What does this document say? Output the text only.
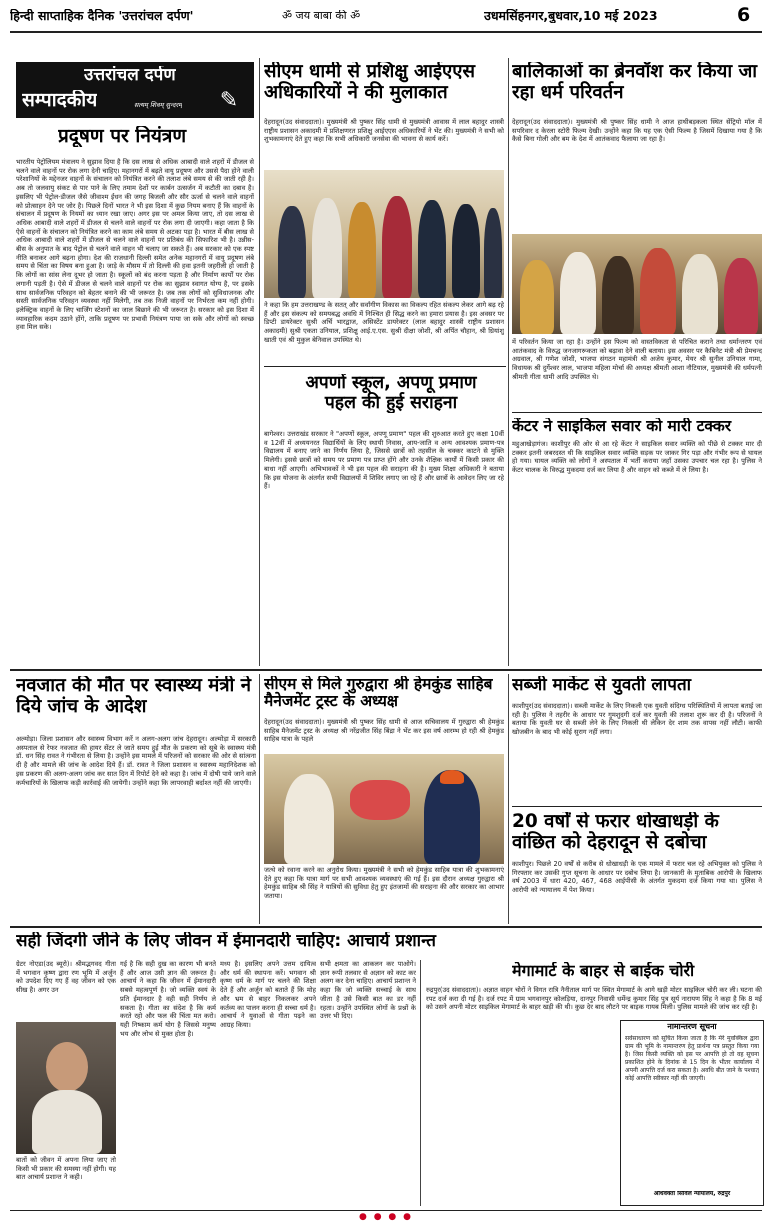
हिन्दी साप्ताहिक दैनिक 'उत्तरांचल दर्पण'	ॐ जय बाबा की ॐ	उधमसिंहनगर,बुधवार,10 मई 2023	6
उत्तरांचल दर्पण
सम्पादकीय	सत्यम् शिवम् सुन्दरम्	✎
प्रदूषण पर नियंत्रण
भारतीय पेट्रोलियम मंत्रालय ने सुझाव दिया है कि दस लाख से अधिक आबादी वाले शहरों में डीजल से चलने वाले वाहनों पर रोक लगा देनी चाहिए। महानगरों में बढ़ते वायु प्रदूषण और उससे पैदा होने वाली परेशानियों के मद्देनजर वाहनों के संचालन को नियंत्रित करने की तलाश लंबे समय से की जाती रही है। अब तो जलवायु संकट से पार पाने के लिए तमाम देशों पर कार्बन उत्सर्जन में कटौती का दबाव है। इसलिए भी पेट्रोल-डीजल जैसे जीवाश्म ईंधन की जगह बिजली और सौर ऊर्जा से चलने वाले वाहनों को प्रोत्साहन देने पर जोर है। पिछले दिनों भारत ने भी इस दिशा में कुछ नियम बनाए हैं कि वाहनों के संचालन में प्रदूषण के नियमों का ध्यान रखा जाए। अगर इस पर अमल किया जाए, तो दस लाख से अधिक आबादी वाले शहरों में डीजल से चलने वाले वाहनों पर रोक लगा दी जाएगी। कहा जाता है कि ऐसे वाहनों के संचालन को नियंत्रित करने का काम लंबे समय से अटका पड़ा है। भारत में बीस लाख से अधिक आबादी वाले शहरों में डीजल से चलने वाले वाहनों पर प्रतिबंध की सिफारिश भी है। उन्नीस-बीस के अनुपात के बाद पेट्रोल से चलने वाले वाहन भी चलाए जा सकते हैं। अब सरकार को एक स्पष्ट नीति बनाकर आगे बढ़ना होगा। देश की राजधानी दिल्ली समेत अनेक महानगरों में वायु प्रदूषण लंबे समय से चिंता का विषय बना हुआ है। जाड़े के मौसम में तो दिल्ली की हवा इतनी जहरीली हो जाती है कि लोगों का सांस लेना दूभर हो जाता है। स्कूलों को बंद करना पड़ता है और निर्माण कार्यों पर रोक लगानी पड़ती है। ऐसे में डीजल से चलने वाले वाहनों पर रोक का सुझाव स्वागत योग्य है, पर इसके साथ सार्वजनिक परिवहन को बेहतर बनाने की भी जरूरत है। जब तक लोगों को सुविधाजनक और सस्ती सार्वजनिक परिवहन व्यवस्था नहीं मिलेगी, तब तक निजी वाहनों पर निर्भरता कम नहीं होगी। इलेक्ट्रिक वाहनों के लिए चार्जिंग स्टेशनों का जाल बिछाने की भी जरूरत है। सरकार को इस दिशा में व्यावहारिक कदम उठाने होंगे, ताकि प्रदूषण पर प्रभावी नियंत्रण पाया जा सके और लोगों को स्वच्छ हवा मिल सके।
सीएम धामी से प्रशिक्षु आईएएस अधिकारियों ने की मुलाकात
देहरादून(उद संवाददाता)। मुख्यमंत्री श्री पुष्कर सिंह धामी से मुख्यमंत्री आवास में लाल बहादुर शास्त्री राष्ट्रीय प्रशासन अकादमी में प्रशिक्षणरत प्रशिक्षु आईएएस अधिकारियों ने भेंट की। मुख्यमंत्री ने सभी को शुभकामनाएं देते हुए कहा कि सभी अधिकारी जनसेवा की भावना से कार्य करें।
ने कहा कि हम उत्तराखण्ड के सतत् और सर्वांगीण विकास का विकल्प रहित संकल्प लेकर आगे बढ़ रहे हैं और इस संकल्प को समयबद्ध अवधि में निश्चित ही सिद्ध करने का हमारा प्रयास है। इस अवसर पर डिप्टी डायरेक्टर सुश्री अर्चि भारद्वाज, असिस्टेंट डायरेक्टर (लाल बहादुर शास्त्री राष्ट्रीय प्रशासन अकादमी) सुश्री एकता उनियाल, प्रशिक्षु आई.ए.एस. सुश्री दीक्षा जोशी, श्री अर्पित चौहान, श्री ध्रियांशु खाती एवं श्री मुकुल बेनिवाल उपस्थित थे।
बालिकाओं का ब्रेनवॉश कर किया जा रहा धर्म परिवर्तन
देहरादून(उद संवाददाता)। मुख्यमंत्री श्री पुष्कर सिंह धामी ने आज हाथीबड़कला स्थित सेंट्रियो मॉल में सपरिवार द केरला स्टोरी फिल्म देखी। उन्होंने कहा कि यह एक ऐसी फिल्म है जिसमें दिखाया गया है कि कैसे बिना गोली और बम के देश में आतंकवाद फैलाया जा रहा है।
में परिवर्तन किया जा रहा है। उन्होंने इस फिल्म को वास्तविकता से परिचित कराने तथा धर्मान्तरण एवं आतंकवाद के विरुद्ध जनजागरूकता को बढ़ावा देने वाली बताया। इस अवसर पर कैबिनेट मंत्री श्री प्रेमचन्द अग्रवाल, श्री गणेश जोशी, भाजपा संगठन महामंत्री श्री अजेय कुमार, मेयर श्री सुनील उनियाल गामा, विधायक श्री दुर्गेश्वर लाल, भाजपा महिला मोर्चा की अध्यक्ष श्रीमती आशा नौटियाल, मुख्यमंत्री की धर्मपत्नी श्रीमती गीता धामी आदि उपस्थित थे।
अपणों स्कूल, अपणू प्रमाण पहल की हुई सराहना
बागेश्वर। उत्तराखंड सरकार ने "अपणों स्कूल, अपणू प्रमाण" पहल की शुरुआत करते हुए कक्षा 10वीं व 12वीं में अध्ययनरत विद्यार्थियों के लिए स्थायी निवास, आय-जाति व अन्य आवश्यक प्रमाण-पत्र विद्यालय में बनाए जाने का निर्णय लिया है, जिससे छात्रों को तहसील के चक्कर काटने से मुक्ति मिलेगी। इससे छात्रों को समय पर प्रमाण पत्र प्राप्त होंगे और उनके शैक्षिक कार्यों में किसी प्रकार की बाधा नहीं आएगी। अभिभावकों ने भी इस पहल की सराहना की है। मुख्य शिक्षा अधिकारी ने बताया कि इस योजना के अंतर्गत सभी विद्यालयों में शिविर लगाए जा रहे हैं और छात्रों के आवेदन लिए जा रहे हैं।
केंटर ने साइकिल सवार को मारी टक्कर
महुआखेड़ागंज। काशीपुर की ओर से आ रहे केंटर ने साइकिल सवार व्यक्ति को पीछे से टक्कर मार दी टक्कर इतनी जबरदस्त थी कि साइकिल सवार व्यक्ति सड़क पर जाकर गिर पड़ा और गंभीर रूप से घायल हो गया। घायल व्यक्ति को लोगों ने अस्पताल में भर्ती कराया जहाँ उसका उपचार चल रहा है। पुलिस ने केंटर चालक के विरुद्ध मुकदमा दर्ज कर लिया है और वाहन को कब्जे में ले लिया है।
नवजात की मौत पर स्वास्थ्य मंत्री ने दिये जांच के आदेश
अल्मोड़ा। जिला प्रशासन और स्वास्थ्य विभाग करें न अलग-अलग जांच देहरादून। अल्मोड़ा में सरकारी अस्पताल से रेफर नवजात की हायर सेंटर ले जाते समय हुई मौत के प्रकरण को सूबे के स्वास्थ्य मंत्री डॉ. धन सिंह रावत ने गंभीरता से लिया है। उन्होंने इस मामले में परिजनों को सरकार की ओर से सांत्वना दी है और मामले की जांच के आदेश दिये हैं। डॉ. रावत ने जिला प्रशासन व स्वास्थ्य महानिदेशक को इस प्रकरण की अलग-अलग जांच कर सात दिन में रिपोर्ट देने को कहा है। जांच में दोषी पाये जाने वाले कर्मचारियों के खिलाफ कड़ी कार्रवाई की जायेगी। उन्होंने कहा कि लापरवाही बर्दाश्त नहीं की जाएगी।
सीएम से मिले गुरुद्वारा श्री हेमकुंड साहिब मैनेजमेंट ट्रस्ट के अध्यक्ष
देहरादून(उद संवाददाता)। मुख्यमंत्री श्री पुष्कर सिंह धामी से आज सचिवालय में गुरुद्वारा श्री हेमकुंड साहिब मैनेजमेंट ट्रस्ट के अध्यक्ष श्री नरेंद्रजीत सिंह बिंद्रा ने भेंट कर इस वर्ष आरम्भ हो रही श्री हेमकुंड साहिब यात्रा के पहले
जत्थे को रवाना करने का अनुरोध किया। मुख्यमंत्री ने सभी को हेमकुंड साहिब यात्रा की शुभकामनाएं देते हुए कहा कि यात्रा मार्ग पर सभी आवश्यक व्यवस्थाएं की गई हैं। इस दौरान अध्यक्ष गुरुद्वारा श्री हेमकुंड साहिब श्री सिंह ने यात्रियों की सुविधा हेतु हुए इंतजामों की सराहना की और सरकार का आभार जताया।
सब्जी मार्केट से युवती लापता
काशीपुर(उद संवाददाता)। सब्जी मार्केट के लिए निकली एक युवती संदिग्ध परिस्थितियों में लापता बताई जा रही है। पुलिस ने तहरीर के आधार पर गुमशुदगी दर्ज कर युवती की तलाश शुरू कर दी है। परिजनों ने बताया कि युवती घर से सब्जी लेने के लिए निकली थी लेकिन देर शाम तक वापस नहीं लौटी। काफी खोजबीन के बाद भी कोई सुराग नहीं लगा।
20 वर्षों से फरार धोखाधड़ी के वांछित को देहरादून से दबोचा
काशीपुर। पिछले 20 वर्षों से करीब से धोखाधड़ी के एक मामले में फरार चल रहे अभियुक्त को पुलिस ने गिरफ्तार कर उसकी गुप्त सूचना के आधार पर दबोच लिया है। जानकारी के मुताबिक आरोपी के खिलाफ वर्ष 2003 में धारा 420, 467, 468 आईपीसी के अंतर्गत मुकदमा दर्ज किया गया था। पुलिस ने आरोपी को न्यायालय में पेश किया।
सही जिंदगी जीने के लिए जीवन में ईमानदारी चाहिए: आचार्य प्रशान्त
ग्रेटर नोएडा(उद ब्यूरो)। श्रीमद्भगवद गीता में भगवान कृष्ण द्वारा रण भूमि में अर्जुन को उपदेश दिए गए हैं वह जीवन को एक सीख है। अगर उन
बातों को जीवन में अपना लिया जाए तो किसी भी प्रकार की समस्या नहीं होगी। यह बात आचार्य प्रशान्त ने कही।
गई है कि सही दुख का कारण भी बनते हैं और आज उसी ज्ञान की जरूरत है। आचार्य ने कहा कि जीवन में ईमानदारी सबसे महत्वपूर्ण है। जो व्यक्ति स्वयं के प्रति ईमानदार है वही सही निर्णय ले सकता है। गीता का संदेश है कि कर्म करते रहो और फल की चिंता मत करो। यही निष्काम कर्म योग है जिससे मनुष्य भय और लोभ से मुक्त होता है।
मध्य है। इसलिए अपने उत्तम दायित्व और धर्म की स्थापना करें। भगवान श्री कृष्ण धर्म के मार्ग पर चलने की शिक्षा देते हैं और अर्जुन को बताते हैं कि मोह और भ्रम से बाहर निकलकर अपने कर्तव्य का पालन करना ही सच्चा धर्म है। आचार्य ने युवाओं से गीता पढ़ने का आग्रह किया।
सभी क्षमता का आकलन कर पाओगे। ज्ञान रूपी तलवार से अज्ञान को काट कर अलग कर देना चाहिए। आचार्य प्रशान्त ने कहा कि जो व्यक्ति सच्चाई के साथ जीता है उसे किसी बात का डर नहीं रहता। उन्होंने उपस्थित लोगों के प्रश्नों के उत्तर भी दिए।
मेगामार्ट के बाहर से बाईक चोरी
रुद्रपुर(उद संवाददाता)। अज्ञात वाहन चोरों ने विगत रात्रि नैनीताल मार्ग पर स्थित मेगामार्ट के आगे खड़ी मोटर साइकिल चोरी कर ली। घटना की रपट दर्ज करा दी गई है। दर्ज रपट में ग्राम भगवानपुर कोलड़िया, दानपुर निवासी धर्मेन्द्र कुमार सिंह पुत्र सूर्य नारायण सिंह ने कहा है कि 8 मई को उसने अपनी मोटर साइकिल मेगामार्ट के बाहर खड़ी की थी। कुछ देर बाद लौटने पर बाइक गायब मिली। पुलिस मामले की जांच कर रही है।
नामान्तरण सूचना
सर्वसाधारण को सूचित किया जाता है कि मेरे मुवक्किल द्वारा ग्राम की भूमि के नामान्तरण हेतु प्रार्थना पत्र प्रस्तुत किया गया है। जिस किसी व्यक्ति को इस पर आपत्ति हो तो वह सूचना प्रकाशित होने के दिनांक से 15 दिन के भीतर कार्यालय में अपनी आपत्ति दर्ज करा सकता है। अवधि बीत जाने के पश्चात् कोई आपत्ति स्वीकार नहीं की जाएगी।
अधिवक्ता सिविल न्यायालय, रुद्रपुर
● ● ● ●
